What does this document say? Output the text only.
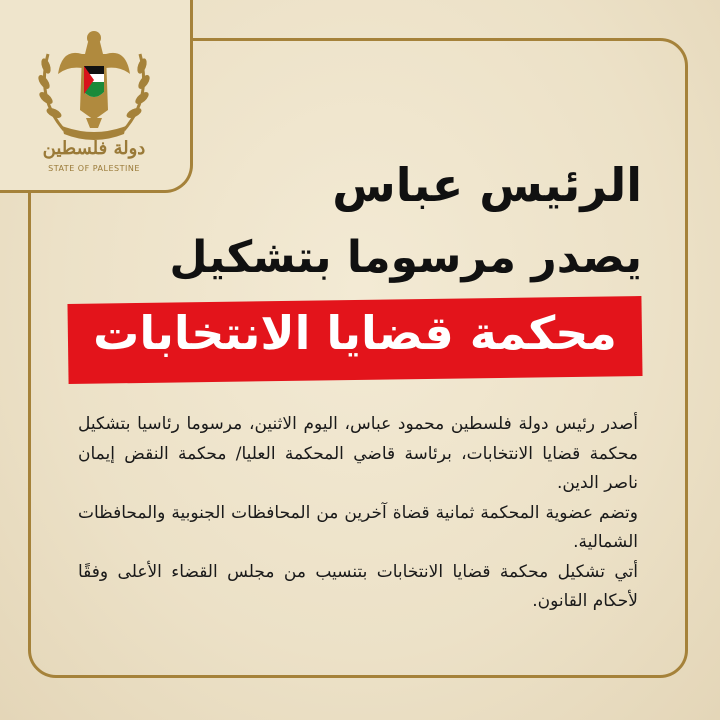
دولة فلسطين
STATE OF PALESTINE	الرئيس عباس
يصدر مرسوما بتشكيل
محكمة قضايا الانتخابات

أصدر رئيس دولة فلسطين محمود عباس، اليوم الاثنين، مرسوما رئاسيا بتشكيل محكمة قضايا الانتخابات، برئاسة قاضي المحكمة العليا/ محكمة النقض إيمان ناصر الدين.

وتضم عضوية المحكمة ثمانية قضاة آخرين من المحافظات الجنوبية والمحافظات الشمالية.

أتي تشكيل محكمة قضايا الانتخابات بتنسيب من مجلس القضاء الأعلى وفقًا لأحكام القانون.
